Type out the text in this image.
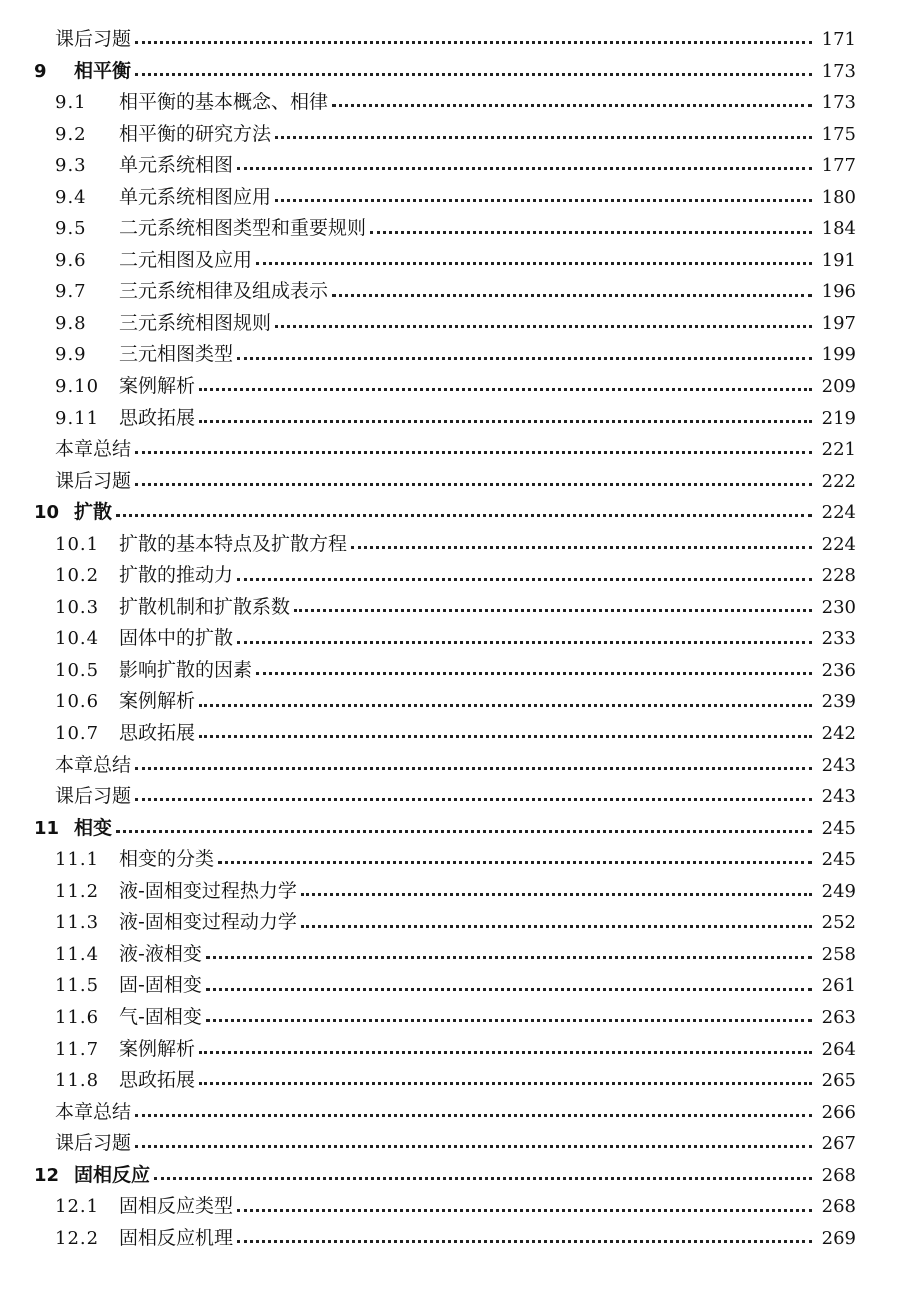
课后习题	171
9	相平衡	173
9.1	相平衡的基本概念、相律	173
9.2	相平衡的研究方法	175
9.3	单元系统相图	177
9.4	单元系统相图应用	180
9.5	二元系统相图类型和重要规则	184
9.6	二元相图及应用	191
9.7	三元系统相律及组成表示	196
9.8	三元系统相图规则	197
9.9	三元相图类型	199
9.10	案例解析	209
9.11	思政拓展	219
本章总结	221
课后习题	222
10 扩散	224
10.1	扩散的基本特点及扩散方程	224
10.2	扩散的推动力	228
10.3	扩散机制和扩散系数	230
10.4	固体中的扩散	233
10.5	影响扩散的因素	236
10.6	案例解析	239
10.7	思政拓展	242
本章总结	243
课后习题	243
11 相变	245
11.1	相变的分类	245
11.2	液-固相变过程热力学	249
11.3	液-固相变过程动力学	252
11.4	液-液相变	258
11.5	固-固相变	261
11.6	气-固相变	263
11.7	案例解析	264
11.8	思政拓展	265
本章总结	266
课后习题	267
12 固相反应	268
12.1	固相反应类型	268
12.2	固相反应机理	269
